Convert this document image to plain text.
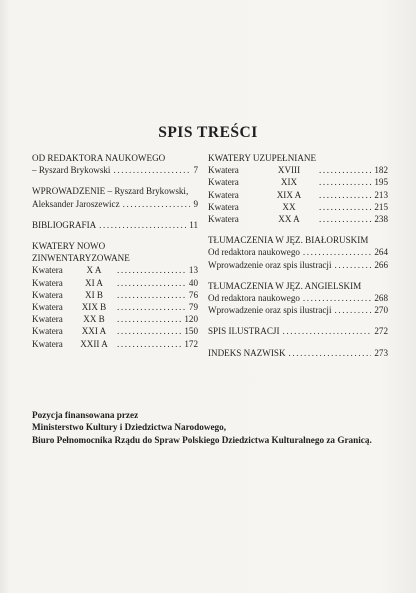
SPIS TREŚCI
OD REDAKTORA NAUKOWEGO
– Ryszard Brykowski .....	7
WPROWADZENIE – Ryszard Brykowski,
Aleksander Jaroszewicz .....	9
BIBLIOGRAFIA .....	11
KWATERY NOWO
ZINWENTARYZOWANE
Kwatera	X A .....	13
Kwatera	XI A .....	40
Kwatera	XI B .....	76
Kwatera	XIX B .....	79
Kwatera	XX B .....	120
Kwatera	XXI A .....	150
Kwatera	XXII A .....	172
KWATERY UZUPEŁNIANE
Kwatera	XVIII .....	182
Kwatera	XIX .....	195
Kwatera	XIX A .....	213
Kwatera	XX .....	215
Kwatera	XX A .....	238
TŁUMACZENIA W JĘZ. BIAŁORUSKIM
Od redaktora naukowego .....	264
Wprowadzenie oraz spis ilustracji .....	266
TŁUMACZENIA W JĘZ. ANGIELSKIM
Od redaktora naukowego .....	268
Wprowadzenie oraz spis ilustracji .....	270
SPIS ILUSTRACJI .....	272
INDEKS NAZWISK .....	273
Pozycja finansowana przez
Ministerstwo Kultury i Dziedzictwa Narodowego,
Biuro Pełnomocnika Rządu do Spraw Polskiego Dziedzictwa Kulturalnego za Granicą.
